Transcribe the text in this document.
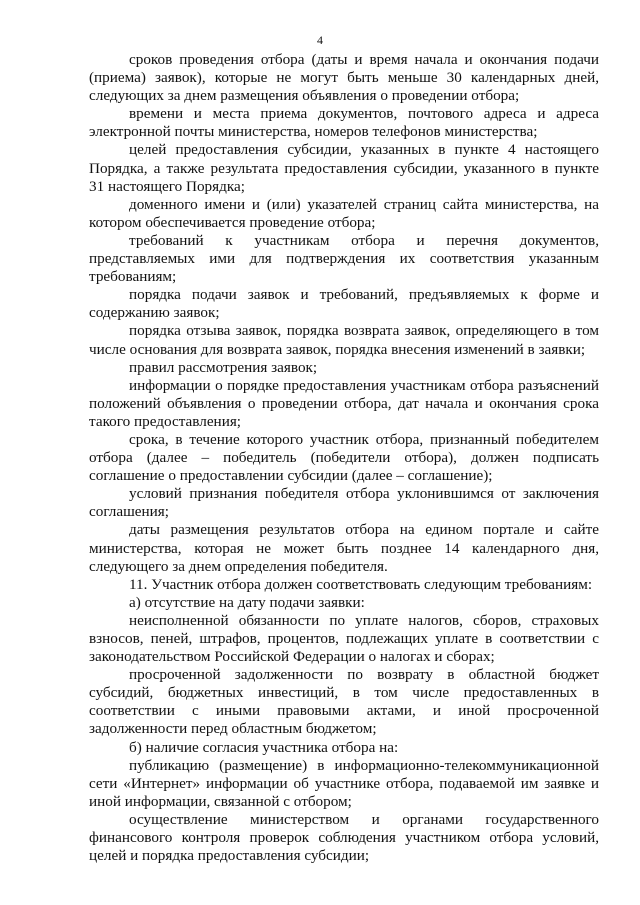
4

сроков проведения отбора (даты и время начала и окончания подачи (приема) заявок), которые не могут быть меньше 30 календарных дней, следующих за днем размещения объявления о проведении отбора;

времени и места приема документов, почтового адреса и адреса электронной почты министерства, номеров телефонов министерства;

целей предоставления субсидии, указанных в пункте 4 настоящего Порядка, а также результата предоставления субсидии, указанного в пункте 31 настоящего Порядка;

доменного имени и (или) указателей страниц сайта министерства, на котором обеспечивается проведение отбора;

требований к участникам отбора и перечня документов, представляемых ими для подтверждения их соответствия указанным требованиям;

порядка подачи заявок и требований, предъявляемых к форме и содержанию заявок;

порядка отзыва заявок, порядка возврата заявок, определяющего в том числе основания для возврата заявок, порядка внесения изменений в заявки;

правил рассмотрения заявок;

информации о порядке предоставления участникам отбора разъяснений положений объявления о проведении отбора, дат начала и окончания срока такого предоставления;

срока, в течение которого участник отбора, признанный победителем отбора (далее – победитель (победители отбора), должен подписать соглашение о предоставлении субсидии (далее – соглашение);

условий признания победителя отбора уклонившимся от заключения соглашения;

даты размещения результатов отбора на едином портале и сайте министерства, которая не может быть позднее 14 календарного дня, следующего за днем определения победителя.

11. Участник отбора должен соответствовать следующим требованиям:

а) отсутствие на дату подачи заявки:

неисполненной обязанности по уплате налогов, сборов, страховых взносов, пеней, штрафов, процентов, подлежащих уплате в соответствии с законодательством Российской Федерации о налогах и сборах;

просроченной задолженности по возврату в областной бюджет субсидий, бюджетных инвестиций, в том числе предоставленных в соответствии с иными правовыми актами, и иной просроченной задолженности перед областным бюджетом;

б) наличие согласия участника отбора на:

публикацию (размещение) в информационно-телекоммуникационной сети «Интернет» информации об участнике отбора, подаваемой им заявке и иной информации, связанной с отбором;

осуществление министерством и органами государственного финансового контроля проверок соблюдения участником отбора условий, целей и порядка предоставления субсидии;
